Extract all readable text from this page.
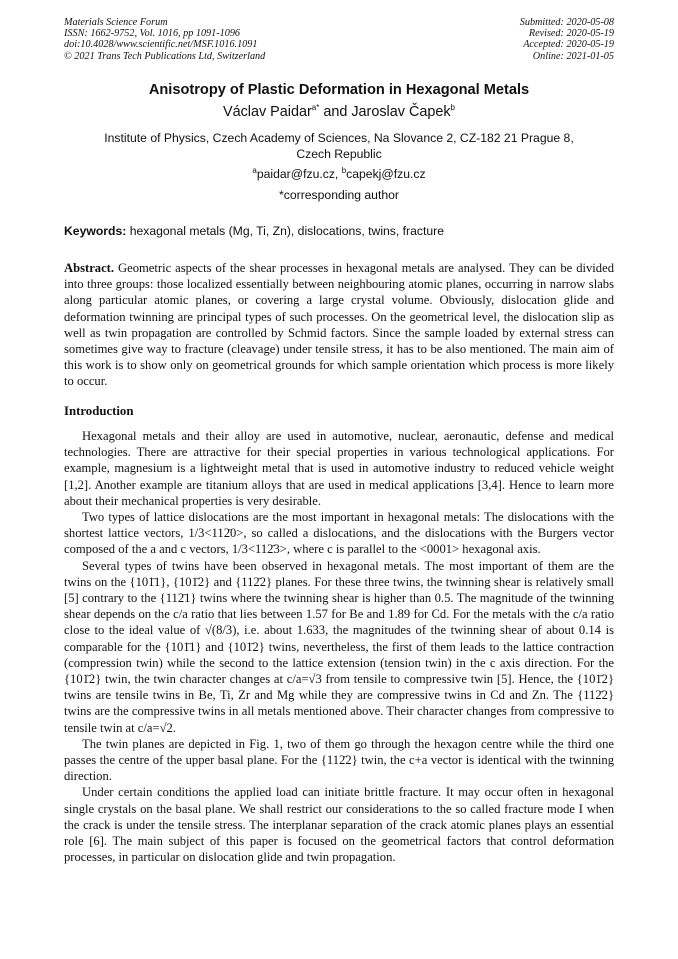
Materials Science Forum
ISSN: 1662-9752, Vol. 1016, pp 1091-1096
doi:10.4028/www.scientific.net/MSF.1016.1091
© 2021 Trans Tech Publications Ltd, Switzerland
Submitted: 2020-05-08
Revised: 2020-05-19
Accepted: 2020-05-19
Online: 2021-01-05
Anisotropy of Plastic Deformation in Hexagonal Metals
Václav Paidar$^{a*}$ and Jaroslav Čapek$^b$
Institute of Physics, Czech Academy of Sciences, Na Slovance 2, CZ-182 21 Prague 8, Czech Republic
$^a$paidar@fzu.cz, $^b$capekj@fzu.cz
*corresponding author
Keywords: hexagonal metals (Mg, Ti, Zn), dislocations, twins, fracture

Abstract. Geometric aspects of the shear processes in hexagonal metals are analysed. They can be divided into three groups: those localized essentially between neighbouring atomic planes, occurring in narrow slabs along particular atomic planes, or covering a large crystal volume. Obviously, dislocation glide and deformation twinning are principal types of such processes. On the geometrical level, the dislocation slip as well as twin propagation are controlled by Schmid factors. Since the sample loaded by external stress can sometimes give way to fracture (cleavage) under tensile stress, it has to be also mentioned. The main aim of this work is to show only on geometrical grounds for which sample orientation which process is more likely to occur.

Introduction

Hexagonal metals and their alloy are used in automotive, nuclear, aeronautic, defense and medical technologies. There are attractive for their special properties in various technological applications. For example, magnesium is a lightweight metal that is used in automotive industry to reduced vehicle weight [1,2]. Another example are titanium alloys that are used in medical applications [3,4]. Hence to learn more about their mechanical properties is very desirable.

Two types of lattice dislocations are the most important in hexagonal metals: The dislocations with the shortest lattice vectors, 1/3<112̄0>, so called a dislocations, and the dislocations with the Burgers vector composed of the a and c vectors, 1/3<112̄3>, where c is parallel to the <0001> hexagonal axis.

Several types of twins have been observed in hexagonal metals. The most important of them are the twins on the {101̄1}, {101̄2} and {112̄2} planes. For these three twins, the twinning shear is relatively small [5] contrary to the {112̄1} twins where the twinning shear is higher than 0.5. The magnitude of the twinning shear depends on the c/a ratio that lies between 1.57 for Be and 1.89 for Cd. For the metals with the c/a ratio close to the ideal value of √(8/3), i.e. about 1.633, the magnitudes of the twinning shear of about 0.14 is comparable for the {101̄1} and {101̄2} twins, nevertheless, the first of them leads to the lattice contraction (compression twin) while the second to the lattice extension (tension twin) in the c axis direction. For the {101̄2} twin, the twin character changes at c/a=√3 from tensile to compressive twin [5]. Hence, the {101̄2} twins are tensile twins in Be, Ti, Zr and Mg while they are compressive twins in Cd and Zn. The {112̄2} twins are the compressive twins in all metals mentioned above. Their character changes from compressive to tensile twin at c/a=√2.

The twin planes are depicted in Fig. 1, two of them go through the hexagon centre while the third one passes the centre of the upper basal plane. For the {112̄2} twin, the c+a vector is identical with the twinning direction.

Under certain conditions the applied load can initiate brittle fracture. It may occur often in hexagonal single crystals on the basal plane. We shall restrict our considerations to the so called fracture mode I when the crack is under the tensile stress. The interplanar separation of the crack atomic planes plays an essential role [6]. The main subject of this paper is focused on the geometrical factors that control deformation processes, in particular on dislocation glide and twin propagation.
